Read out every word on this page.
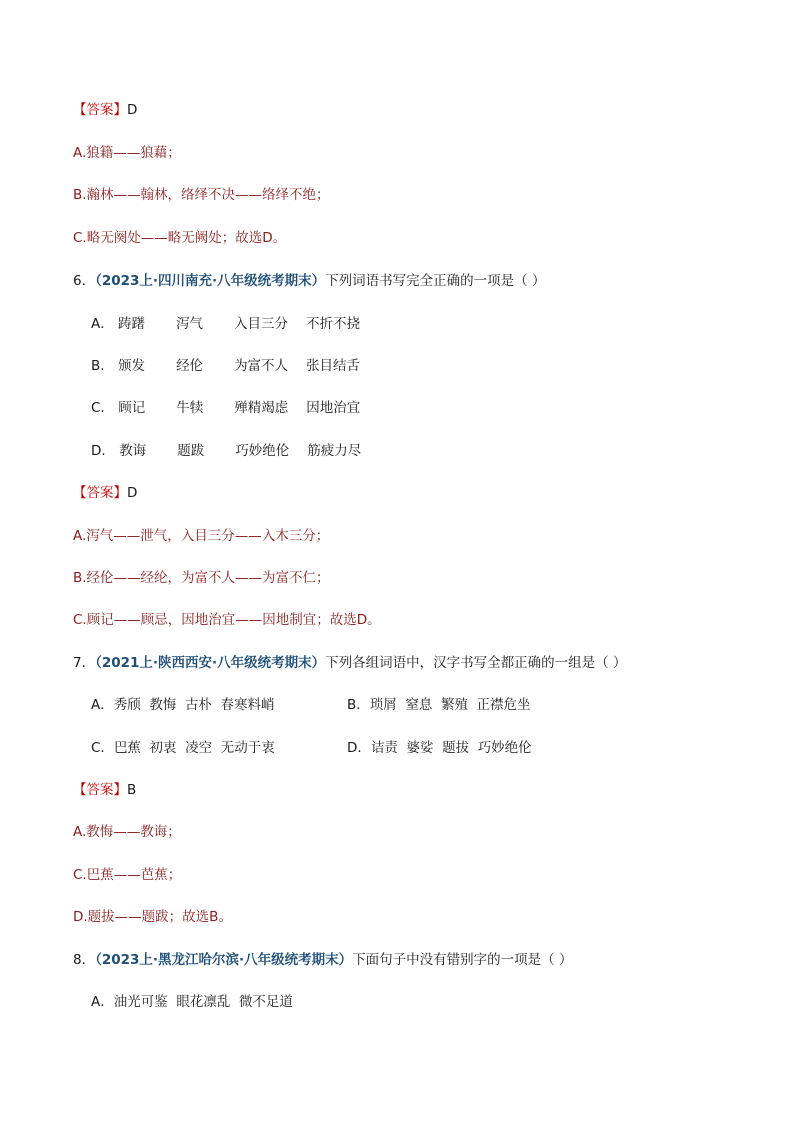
【答案】D
A.狼籍——狼藉；
B.瀚林——翰林，络绎不决——络绎不绝；
C.略无阕处——略无阙处；故选D。
6．（2023上·四川南充·八年级统考期末）下列词语书写完全正确的一项是（ ）
A． 踌躇 泻气 入目三分 不折不挠
B． 颁发 经伦 为富不人 张目结舌
C． 顾记 牛犊 殚精竭虑 因地治宜
D． 教诲 题跋 巧妙绝伦 筋疲力尽
【答案】D
A.泻气——泄气，入目三分——入木三分；
B.经伦——经纶，为富不人——为富不仁；
C.顾记——顾忌，因地治宜——因地制宜；故选D。
7．（2021上·陕西西安·八年级统考期末）下列各组词语中，汉字书写全都正确的一组是（ ）
A．秀颀 教悔 古朴 春寒料峭	B．琐屑 窒息 繁殖 正襟危坐
C．巴蕉 初衷 凌空 无动于衷	D．诘责 婆娑 题拔 巧妙绝伦
【答案】B
A.教悔——教诲；
C.巴蕉——芭蕉；
D.题拔——题跋；故选B。
8．（2023上·黑龙江哈尔滨·八年级统考期末）下面句子中没有错别字的一项是（ ）
A．油光可鉴 眼花凛乱 微不足道
